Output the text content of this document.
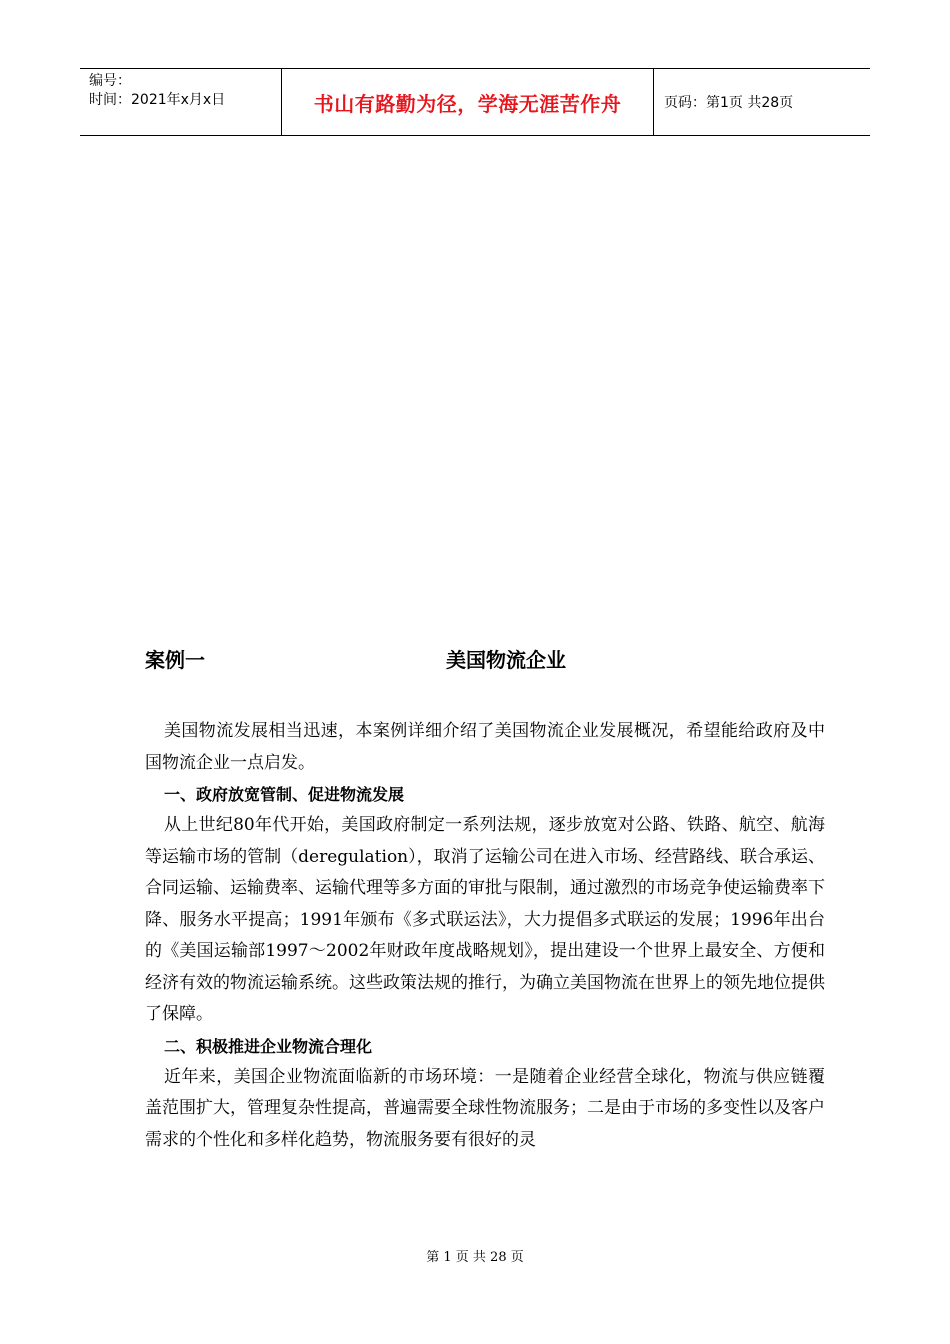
编号：
时间：2021年x月x日	书山有路勤为径，学海无涯苦作舟	页码：第1页 共28页
案例一	美国物流企业

美国物流发展相当迅速，本案例详细介绍了美国物流企业发展概况，希望能给政府及中国物流企业一点启发。

一、政府放宽管制、促进物流发展

从上世纪80年代开始，美国政府制定一系列法规，逐步放宽对公路、铁路、航空、航海等运输市场的管制（deregulation），取消了运输公司在进入市场、经营路线、联合承运、合同运输、运输费率、运输代理等多方面的审批与限制，通过激烈的市场竞争使运输费率下降、服务水平提高；1991年颁布《多式联运法》，大力提倡多式联运的发展；1996年出台的《美国运输部1997～2002年财政年度战略规划》，提出建设一个世界上最安全、方便和经济有效的物流运输系统。这些政策法规的推行，为确立美国物流在世界上的领先地位提供了保障。

二、积极推进企业物流合理化

近年来，美国企业物流面临新的市场环境：一是随着企业经营全球化，物流与供应链覆盖范围扩大，管理复杂性提高，普遍需要全球性物流服务；二是由于市场的多变性以及客户需求的个性化和多样化趋势，物流服务要有很好的灵

第 1 页 共 28 页
